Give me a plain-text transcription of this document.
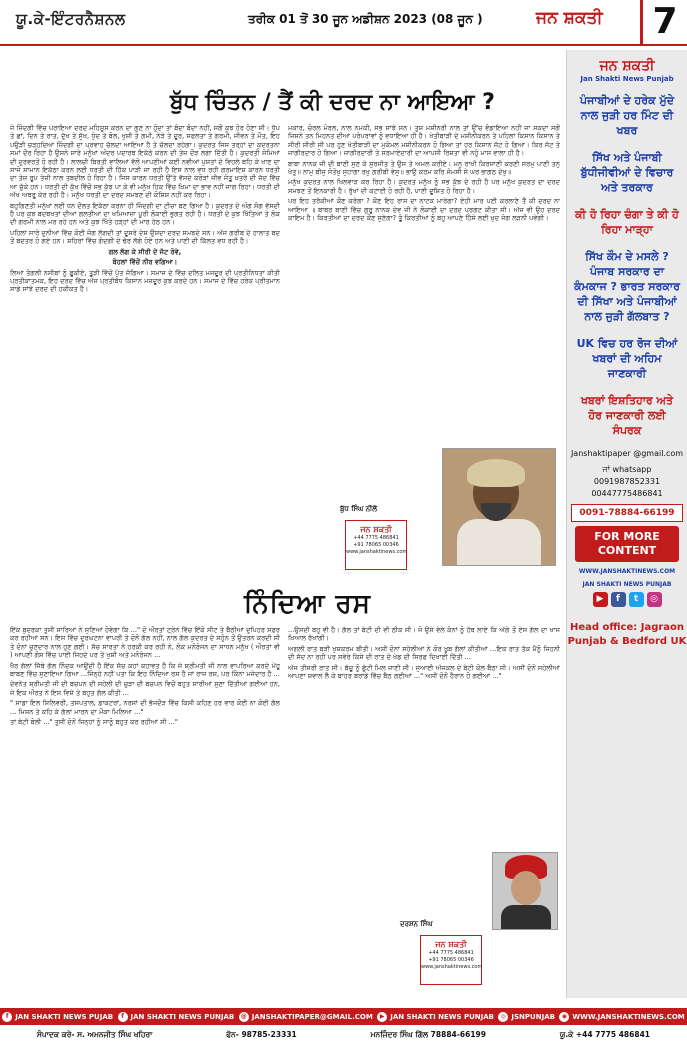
ਯੂ.ਕੇ-ਇੰਟਰਨੈਸ਼ਨਲ	ਤਰੀਕ 01 ਤੋਂ 30 ਜੂਨ ਅਡੀਸ਼ਨ 2023 (08 ਜੂਨ )	ਜਨ ਸ਼ਕਤੀ	7
ਬੁੱਧ ਚਿੰਤਨ / ਤੈਂ ਕੀ ਦਰਦ ਨਾ ਆਇਆ ?

ਜੇ ਜ਼ਿੰਦਗੀ ਵਿੱਚ ਪਰਾਇਆ ਦਰਦ ਮਹਿਸੂਸ ਕਰਨ ਦਾ ਗੁਣ ਨਾ ਹੁੰਦਾ ਤਾਂ ਬੰਦਾ ਬੰਦਾ ਨਹੀਂ, ਸਗੋਂ ਕੁਝ ਹੋਰ ਹੋਣਾ ਸੀ। ਧੁੱਪ ਤੇ ਛਾਂ, ਦਿਨ ਤੇ ਰਾਤ, ਦੁੱਖ ਤੇ ਸੁੱਖ, ਧੁੰਦ ਤੇ ਬੋਲ, ਖੁਸ਼ੀ ਤੇ ਗਮੀ, ਨੇੜੇ ਤੇ ਦੂਰ, ਸਫਲਤਾ ਤੇ ਗਰਮੀ, ਜੀਵਨ ਤੇ ਮੌਤ, ਇਹ ਪਉੜੀ ਚੜ੍ਹਦਿਆਂ ਜ਼ਿੰਦਗੀ ਦਾ ਪ੍ਰਵਾਹ ਚੱਲਦਾ ਆਇਆ ਹੈ ਤੇ ਚੱਲਦਾ ਰਹੇਗਾ। ਕੁਦਰਤ ਜਿਸ ਤਰ੍ਹਾਂ ਦਾ ਕੁਦਰਤਨਾ ਸਮਾਂ ਦੌਰ ਰਿਹਾ ਹੈ ਉਸਨੇ ਸਾਰੇ ਮਨੁੱਖਾਂ ਅੰਦਰ ਪਦਾਰਥ ਇਕੱਠੇ ਕਰਨ ਦੀ ਤੇਜ਼ ਦੌੜ ਲਗਾ ਦਿੱਤੀ ਹੈ। ਕੁਦਰਤੀ ਸੋਮਿਆਂ ਦੀ ਦੁਰਵਰਤੋਂ ਹੋ ਰਹੀ ਹੈ। ਲਾਲਚੀ ਬਿਰਤੀ ਵਾਲਿਆਂ ਵੱਲੋਂ ਆਪਣੀਆਂ ਕਈ ਨਵੀਆਂ ਪੁਸ਼ਤਾਂ ਦੇ ਵਿਹਲੇ ਬਹਿ ਕੇ ਖਾਣ ਦਾ ਸਾਜੋ ਸਾਮਾਨ ਇਕੱਠਾ ਕਰਨ ਲਈ ਧਰਤੀ ਦੀ ਹਿੱਕ ਪਾੜੀ ਜਾ ਰਹੀ ਹੈ ਇਸ ਨਾਲ ਵਧ ਰਹੀ ਗਰਮਾਇਸ਼ ਕਾਰਨ ਧਰਤੀ ਦਾ ਤੇਜ਼ ਰੂਪ ਤੇਜ਼ੀ ਨਾਲ ਤਬਦੀਲ ਹੋ ਰਿਹਾ ਹੈ। ਜਿਸ ਕਾਰਨ ਧਰਤੀ ਉੱਤੇ ਵੱਸਦੇ ਕਰੋੜਾਂ ਜੀਵ ਜੰਤੂ ਖ਼ਤਰੇ ਦੀ ਜ਼ੱਦ ਵਿੱਚ ਆ ਚੁੱਕੇ ਹਨ। ਧਰਤੀ ਦੀ ਕੁੱਖ ਵਿੱਚੋਂ ਸਭ ਕੁੱਝ ਪਾ ਕੇ ਵੀ ਮਨੁੱਖ ਹਿਕ ਵਿੱਚ ਖ਼ਿਮਾ ਦਾ ਭਾਵ ਨਹੀਂ ਜਾਗ ਰਿਹਾ। ਧਰਤੀ ਦੀ ਅੱਖ ਅਥਰੂ ਕੇਰ ਰਹੀ ਹੈ। ਮਨੁੱਖ ਧਰਤੀ ਦਾ ਦਰਦ ਸਮਝਣ ਦੀ ਕੋਸ਼ਿਸ਼ ਨਹੀਂ ਕਰ ਰਿਹਾ।

ਬਹੁਗਿਣਤੀ ਮਨੁੱਖਾਂ ਲਈ ਧਨ ਦੌਲਤ ਇਕੱਠਾ ਕਰਨਾ ਹੀ ਜਿੰਦਗੀ ਦਾ ਟੀਚਾ ਬਣ ਗਿਆ ਹੈ। ਕੁਦਰਤ ਦੇ ਅੰਗ ਸੰਗ ਵੱਸਦੀ ਹੈ ਪਰ ਕੁਝ ਬਦਬਖਤਾਂ ਦੀਆਂ ਗਲਤੀਆਂ ਦਾ ਖਮਿਆਜ਼ਾ ਪੂਰੀ ਲੋਕਾਈ ਭੁਗਤ ਰਹੀ ਹੈ। ਧਰਤੀ ਦੇ ਕੁਝ ਖਿੱਤਿਆਂ ਤੇ ਲੋਕ ਦੀ ਗਰਮੀ ਨਾਲ ਮਰ ਰਹੇ ਹਨ ਅਤੇ ਕੁਝ ਖਿੱਤੇ ਹੜ੍ਹਾਂ ਦੀ ਮਾਰ ਹੇਠ ਹਨ।

ਪਹਿਲਾਂ ਸਾਰੇ ਦੁਨੀਆਂ ਵਿੱਚ ਕੋਈ ਜੰਗ ਲੱਗਦੀ ਤਾਂ ਦੂਸਰੇ ਦੇਸ਼ ਉਸਦਾ ਦਰਦ ਸਮਝਦੇ ਸਨ। ਅੱਜ ਗਰੀਬ ਦੇ ਹਾਲਾਤ ਬਦ ਤੋਂ ਬਦਤਰ ਹੋ ਗਏ ਹਨ। ਸ਼ਹਿਰਾਂ ਵਿੱਚ ਗੰਦਗੀ ਦੇ ਢੇਰ ਲੱਗੇ ਹੋਏ ਹਨ ਅਤੇ ਪਾਣੀ ਦੀ ਕਿੱਲਤ ਵਧ ਰਹੀ ਹੈ।

ਗਲ ਲੱਗ ਕੇ ਸੀਰੀ ਦੇ ਜੱਟ ਰੋਵੇ,
ਬੋਹਲਾਂ ਵਿੱਚੋਂ ਨੀਰ ਵਗਿਆ।

ਲਿਆ ਤੰਗਲੀ ਨਸੀਬਾਂ ਨੂੰ ਫੂਕੀਏ, ਤੂੜੀ ਵਿੱਚੋਂ ਪੁੱਤ ਜੱਗਿਆ। ਸਮਾਜ ਦੇ ਵਿੱਚ ਦਲਿਤ ਮਜ਼ਦੂਰ ਦੀ ਪ੍ਰਤੀਨਿਧਤਾ ਕੀਤੀ ਪ੍ਰਤੀਕਾਤਮਕ, ਇਹ ਦਰਦ ਵਿੱਚ ਅੱਜ ਪ੍ਰਤੀਬੱਧ ਕਿਸਾਨ ਮਜ਼ਦੂਰ ਕੁਝ ਕਰਦੇ ਹਨ। ਸਮਾਜ ਦੇ ਵਿੱਚ ਹਰੇਕ ਪ੍ਰੀਤਮਾਨ ਸਾਡੇ ਸਾਂਝੇ ਦਰਦ ਦੀ ਹਕੀਕਤ ਹੈ।

ਮਕਾਰ, ਚੋਰਲ ਮੋਰਲ, ਨਾਲ ਨਮਕੀ, ਸਭ ਸਾਂਝੇ ਸਨ। ਤੁਸ਼ ਮਸ਼ੀਨਰੀ ਨਾਲ ਤਾਂ ਉੱਚ ਵੰਡਾਇਆ ਨਹੀਂ ਜਾ ਸਕਦਾ ਸਗੋਂ ਜਿਸਨੇ ਤਨ ਮਿਹਨਤ ਦੀਆਂ ਪਰੰਪਰਾਵਾਂ ਨੂੰ ਵਧਾਇਆ ਹੀ ਹੈ। ਖੇਤੀਬਾੜੀ ਦੇ ਮਸ਼ੀਨੀਕਰਨ ਤੇ ਪਹਿਲਾਂ ਕਿਸਾਨ ਕਿਸਾਨ ਤੇ ਸੀਰੀ ਸੀਰੀ ਸੀ ਪਰ ਹੁਣ ਖੇਤੀਬਾੜੀ ਦਾ ਮੁਕੰਮਲ ਮਸ਼ੀਨੀਕਰਨ ਹੋ ਗਿਆ ਤਾਂ ਹਰ ਕਿਸਾਨ ਜੱਟ ਹੋ ਗਿਆ। ਕਿਰ ਜੱਟ ਤੇ ਜਾਗੀਰਦਾਰ ਹੋ ਗਿਆ। ਜਾਗੀਰਦਾਰੀ ਤੇ ਸਰਮਾਏਦਾਰੀ ਦਾ ਆਪਸੀ ਰਿਸ਼ਤਾ ਵੀ ਨਹੁੰ ਮਾਸ ਵਾਲਾ ਹੀ ਹੈ।

ਬਾਬਾ ਨਾਨਕ ਜੀ ਦੀ ਬਾਣੀ ਸੁਣ ਕੇ ਸੁਰਜੀਤ ਤੇ ਉਸ ਤੇ ਅਮਲ ਕਰੀਏ। ਮਨੁ ਰਾਖੀ ਕਿਰਸਾਣੀ ਕਰਣੀ ਸਰਮੁ ਪਾਣੀ ਤਨੁ ਖੇਤੁ॥ ਨਾਮੁ ਬੀਜੁ ਸੰਤੋਖੁ ਸੁਹਾਗਾ ਰਖੁ ਗਰੀਬੀ ਵੇਸੁ॥ ਭਾਉ ਕਰਮ ਕਰਿ ਜੰਮਸੀ ਸੇ ਘਰ ਭਾਗਠ ਦੇਖੁ॥

ਮਨੁੱਖ ਕੁਦਰਤ ਨਾਲ ਖਿਲਵਾੜ ਕਰ ਰਿਹਾ ਹੈ। ਕੁਦਰਤ ਮਨੁੱਖ ਨੂੰ ਸਭ ਕੁੱਝ ਦੇ ਰਹੀ ਹੈ ਪਰ ਮਨੁੱਖ ਕੁਦਰਤ ਦਾ ਦਰਦ ਸਮਝਣ ਤੋਂ ਇਨਕਾਰੀ ਹੈ। ਰੁੱਖਾਂ ਦੀ ਕਟਾਈ ਹੋ ਰਹੀ ਹੈ, ਪਾਣੀ ਦੂਸ਼ਿਤ ਹੋ ਰਿਹਾ ਹੈ।

ਪਰ ਇਹ ਤਰੱਕੀਆਂ ਕੌਣ ਕਰੇਗਾ ? ਕੌਣ ਇਹ ਰਾਸ ਦਾ ਨਾਟਕ ਮਾਰੇਗਾ? ਏਹੀ ਮਾਰ ਪਈ ਕਰਲਾਣੇ ਤੈਂ ਕੀ ਦਰਦ ਨਾ ਆਇਆ ॥ ਬਾਬਰ ਬਾਣੀ ਵਿੱਚ ਗੁਰੂ ਨਾਨਕ ਦੇਵ ਜੀ ਨੇ ਲੋਕਾਈ ਦਾ ਦਰਦ ਪ੍ਰਗਟ ਕੀਤਾ ਸੀ। ਅੱਜ ਵੀ ਉਹ ਦਰਦ ਕਾਇਮ ਹੈ। ਕਿਰਤੀਆਂ ਦਾ ਦਰਦ ਕੌਣ ਸੁਣੇਗਾ? ਤੂੰ ਕਿਰਤੀਆਂ ਨੂੰ ਬਹੁ ਆਪਣੇ ਹਿੱਸੇ ਲਈ ਖ਼ੁਦ ਜੰਗ ਲੜਨੀ ਪਵੇਗੀ।

ਬੁੱਧ ਸਿੰਘ ਨੀਲੋਂ
ਜਨ ਸ਼ਕਤੀ
+44 7775 486841
+91 78065 00346
www.janshaktinews.com
ਨਿੰਦਿਆ ਰਸ

ਇੱਕ ਬੁਦਰਕਾ ਤੁਸੀਂ ਸਾਰਿਆਂ ਨੇ ਸੁਣਿਆਂ ਹੋਵੇਗਾ ਕਿ ..." ਦੋ ਔਰਤਾਂ ਟ੍ਰੇਨ ਵਿੱਚ ਇੱਕੋ ਸੀਟ ਤੇ ਬੈਠੀਆਂ ਦੁਪਿਹਰ ਸਫ਼ਰ ਕਰ ਰਹੀਆਂ ਸਨ। ਇਸ ਵਿੱਚ ਦੁਰਘਟਨਾ ਵਾਪਰੀ ਤੇ ਦੋਨੋਂ ਗੱਲ ਨਹੀਂ, ਨਾਲ ਗੱਲ ਕੁਦਰਤ ਦੇ ਸਹੁੰਨ ਤੋਂ ਉਤਰਨ ਕਰਦੀ ਸੀ ਤੇ ਦੋਨਾਂ ਚੁਣਦਾਰ ਨਾਲ ਹੁਣ ਗਈ। ਸੱਚ ਸਾਰਤਾ ਨੇ ਹਰਕੀ ਕਰ ਰਹੀ ਨੇ, ਲੋਕ ਮਨੋਰੰਜਨ ਦਾ ਸਾਧਨ ਮਨੁੱਖ ( ਔਰਤਾਂ ਵੀ ) ਆਪਣੀ ਗੋਸ਼ ਵਿੱਚ ਪਾਈ ਜਿਹਦੇ ਪਰ ਤੇ ਖੁਸ਼ੀ ਅਤੇ ਮਨੋਰੰਜਨ ...

ਖੈਰ ਗੱਲਾਂ ਜਿੱਥੇ ਗੱਲ ਨਿੰਦਕ ਆਉਂਦੀ ਹੈ ਇੱਕ ਸੱਚ ਕਹਾਂ ਕਹਾਵਤ ਹੈ ਕਿ ਜੇ ਸ਼੍ਰੀਮਤੀ ਜੀ ਨਾਲ ਵਾਪਰਿਆ ਕਰਦੇ ਮੇਂਹੂ ਬਾਬਣ ਵਿੱਚ ਸੁਣਾਇਆ ਗਿਆ ...ਜਿੰਨ੍ਹੇ ਨਹੀਂ ਪਤਾ ਕਿ ਇਹ ਨਿੰਦਿਆ ਰਸ ਹੈ ਜਾਂ ਰਾਜ ਰਸ, ਪਰ ਕਿੰਨਾ ਮਜੇਦਾਰ ਹੈ ...

ਦੇਵਨੇਤ ਸ਼੍ਰੀਮਤੀ ਜੀ ਦੀ ਬਚਪਨ ਦੀ ਸਹੇਲੀ ਦੀ ਚੁੜਾ ਦੀ ਬਚਪਨ ਵਿਚੋਂ ਬਹੁਤ ਸਾਰੀਆਂ ਸੁਣਾ ਦਿੱਤੀਆਂ ਗਈਆਂ ਹਨ, ਜੇ ਇਕ ਔਰਤ ਨੇ ਇਸ ਵਿਸ਼ੇ ਤੇ ਬਹੁਤ ਗੱਲ ਕੀਤੀ ...

" ਸਾਡਾ ਇਲ ਸ਼ਿਲਿਵਰੀ, ਤਸਪਤਾਲ, ਡਾਕਟਰਾਂ, ਨਰਸਾਂ ਦੀ ਭੱਜਦੌੜ ਵਿੱਚ ਕਿਸੀ ਕਹਿਣ ਹਰ ਵਾਰ ਕੋਈ ਨਾ ਕੋਈ ਗੱਲ ... ਮਿਸ਼ਨ ਤੇ ਕਹਿ ਕੇ ਗੱਲਾਂ ਮਾਰਨ ਦਾ ਮੌਕਾ ਮਿਲਿਆ ..."

ਤਾਂ ਬੇਟੀ ਬੋਲੀ ..." ਤੁਸੀਂ ਦੋਨੋਂ ਜਿਨ੍ਹਾਂ ਨੂੰ ਸਾਨੂੰ ਬਹੁਤ ਕਰ ਰਹੀਆਂ ਸੀ ..."

...ਉਸਦੀ ਬਹੁ ਵੀ ਹੈ। ਗੱਲ ਤਾਂ ਬੇਟੀ ਦੀ ਵੀ ਠੀਕ ਸੀ। ਜੋ ਉਸੇ ਵੇਲੇ ਕੰਨਾਂ ਨੂੰ ਹੱਥ ਲਾਏ ਕਿ ਅੱਗੇ ਤੋਂ ਏਸ ਗੱਲ ਦਾ ਖਾਸ ਖ਼ਿਆਲ ਰੱਖਾਂਗੀ।

ਅਗਲੀ ਰਾਤ ਬੜੀ ਖੁਸ਼ਕਰਮ ਬੀਤੀ। ਅਸੀਂ ਦੋਨਾਂ ਸਹੇਲੀਆਂ ਨੇ ਕੋਰ ਖੂਬ ਗੱਲਾਂ ਕੀਤੀਆਂ ...ਇਕ ਰਾਤ ਤੱਕ ਮੈਂਨੂੰ ਜਿਹਨੀ ਦੀ ਸੱਦ ਨਾ ਰਹੀ ਪਰ ਸਵੇਰੇ ਕਿਸੇ ਦੀ ਰਾਤ ਦੇ ਖੇਡ ਦੀ ਸਿਰਫ ਦਿਖਾਈ ਦਿੱਤੀ ...

ਅੱਜ ਤੀਸਰੀ ਰਾਤ ਸੀ। ਬੱਚੂ ਨੂੰ ਛੁੱਟੀ ਮਿਲ ਜਾਣੀ ਸੀ। ਜੁਆਈ ਅੱਜਕਲ ਦੇ ਬੇਟੀ ਕੋਲ ਬੈਠਾ ਸੀ। ਅਸੀਂ ਦੋਨੋਂ ਸਹੇਲੀਆਂ ਆਪਣਾ ਸ਼ਵਾਲ ਲੈ ਕੇ ਬਾਹਰ ਬਰਾਂਡੇ ਵਿੱਚ ਬੈਠ ਗਈਆਂ ..." ਅਸੀਂ ਦੋਨੋਂ ਹੈਰਾਨ ਹੋ ਗਈਆਂ ..."

ਦਰਸ਼ਨ ਸਿੰਘ
ਜਨ ਸ਼ਕਤੀ
+44 7775 486841
+91 78065 00346
www.janshaktinews.com
ਜਨ ਸ਼ਕਤੀ
Jan Shakti News Punjab
ਪੰਜਾਬੀਆਂ ਦੇ ਹਰੇਕ ਮੁੱਦੇ ਨਾਲ ਜੁੜੀ ਹਰ ਮਿੰਟ ਦੀ ਖਬਰ
ਸਿੱਖ ਅਤੇ ਪੰਜਾਬੀ ਬੁੱਧੀਜੀਵੀਆਂ ਦੇ ਵਿਚਾਰ ਅਤੇ ਤਰਕਾਰ
ਕੀ ਹੋ ਰਿਹਾ ਚੰਗਾ ਤੇ ਕੀ ਹੋ ਰਿਹਾ ਮਾੜ੍ਹਾ
ਸਿੱਖ ਕੌਮ ਦੇ ਮਸਲੇ ? ਪੰਜਾਬ ਸਰਕਾਰ ਦਾ ਕੰਮਕਾਜ ? ਭਾਰਤ ਸਰਕਾਰ ਦੀ ਸਿੱਖਾ ਅਤੇ ਪੰਜਾਬੀਆਂ ਨਾਲ ਜੁੜੀ ਗੱਲਬਾਤ ?
UK ਵਿਚ ਹਰ ਰੋਜ ਦੀਆਂ ਖਬਰਾਂ ਦੀ ਅਹਿਮ ਜਾਣਕਾਰੀ
ਖਬਰਾਂ ਇਸ਼ਤਿਹਾਰ ਅਤੇ ਹੋਰ ਜਾਣਕਾਰੀ ਲਈ ਸੰਪਰਕ
Janshaktipaper @gmail.com
ਜਾਂ whatsapp
0091987852331
00447775486841
0091-78884-66199
FOR MORE CONTENT
WWW.JANSHAKTINEWS.COM
JAN SHAKTI NEWS PUNJAB
▶	f	t	◎
Head office: Jagraon Punjab & Bedford UK
f JAN SHAKTI NEWS PUJAB	f JAN SHAKTI NEWS PUNJAB	@ JANSHAKTIPAPER@GMAIL.COM	▶ JAN SHAKTI NEWS PUNJAB	◎ JSNPUNJAB	◉ WWW.JANSHAKTINEWS.COM
ਸੰਪਾਦਕ ਕਰੇ- ਸ. ਅਮਨਜੀਤ ਸਿੰਘ ਖਹਿਰਾ	ਫੋਨ- 98785-23331	ਮਨਜਿੰਦਰ ਸਿੰਘ ਗਿੱਲ 78884-66199	ਯੂ.ਕੇ +44 7775 486841
